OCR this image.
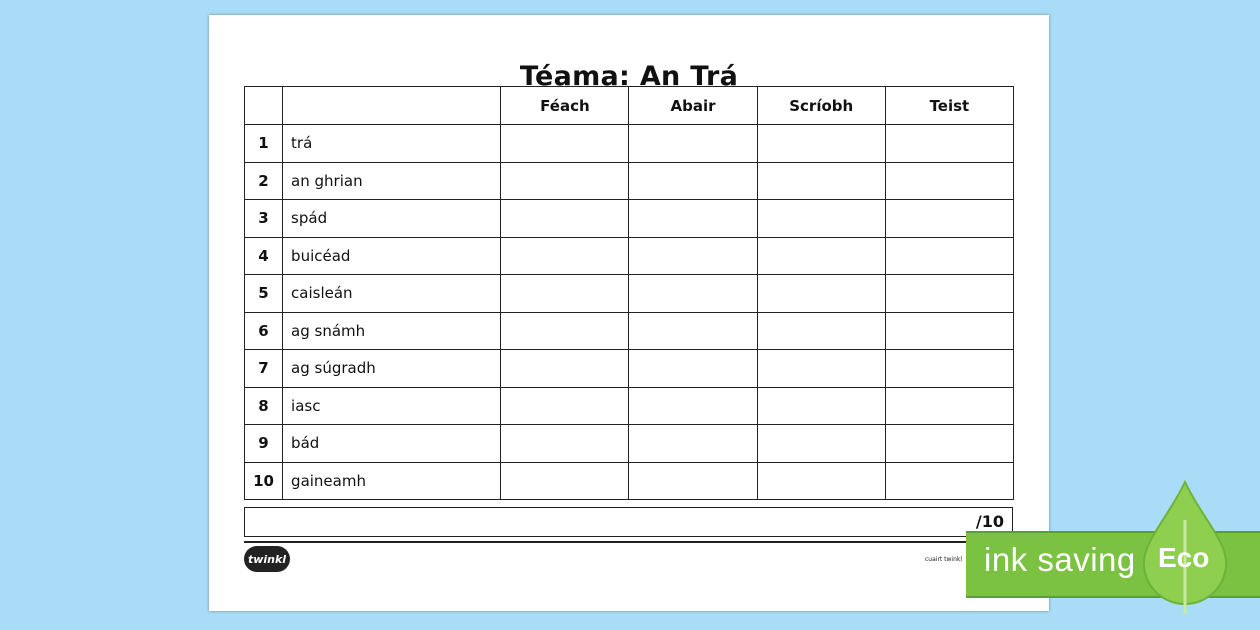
Téama: An Trá
		Féach	Abair	Scríobh	Teist
1	trá				
2	an ghrian				
3	spád				
4	buicéad				
5	caisleán				
6	ag snámh				
7	ag súgradh				
8	iasc				
9	bád				
10	gaineamh				
/10
twinkl	cuairt twinkl ink saving Eco
